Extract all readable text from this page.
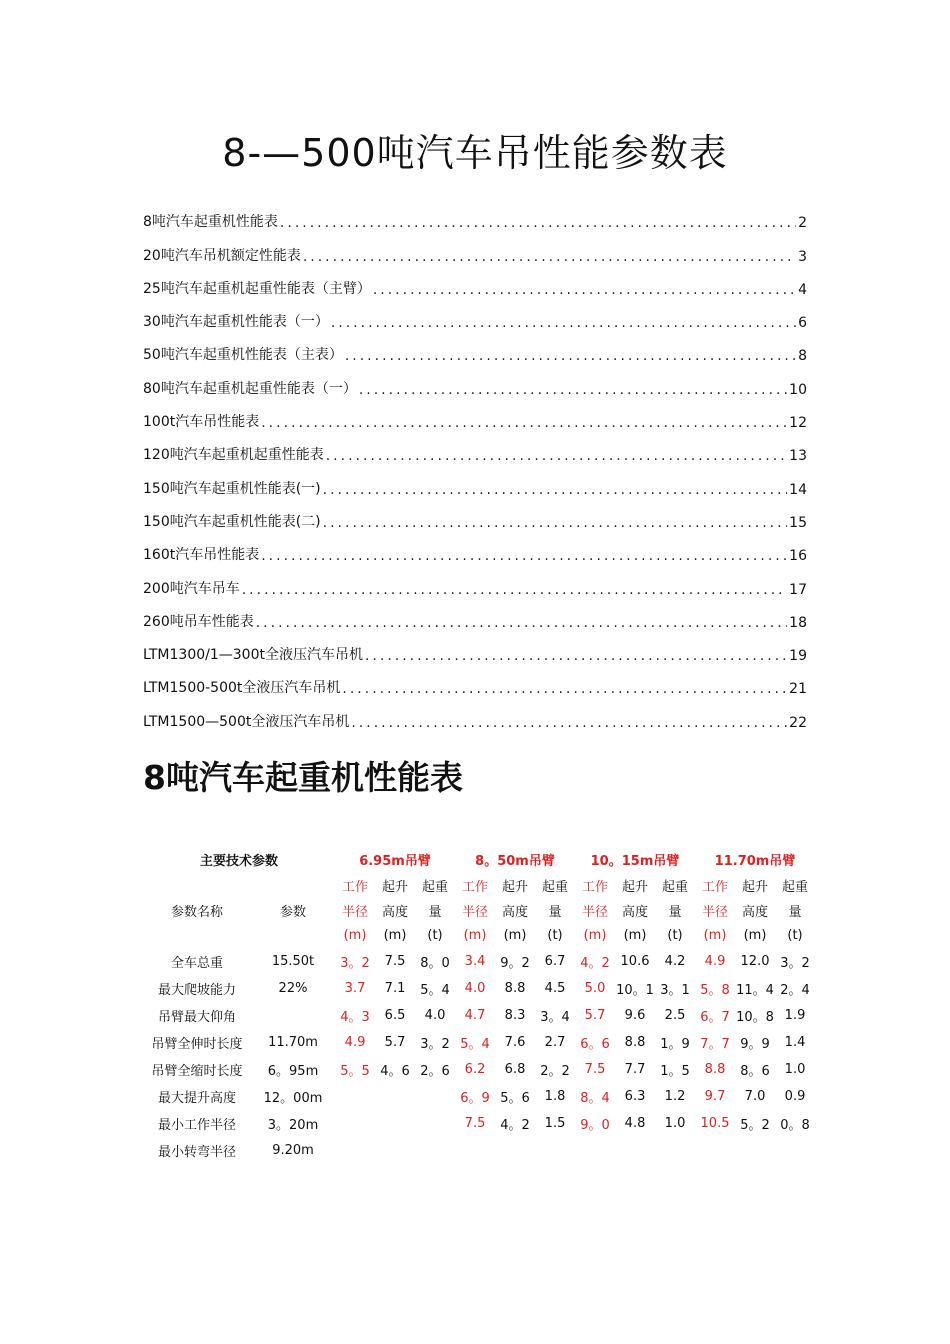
8-—500吨汽车吊性能参数表
8吨汽车起重机性能表 .....	2
20吨汽车吊机额定性能表 .....	3
25吨汽车起重机起重性能表（主臂） .....	4
30吨汽车起重机性能表（一） .....	6
50吨汽车起重机性能表（主表） .....	8
80吨汽车起重机起重性能表（一） .....	10
100t汽车吊性能表 .....	12
120吨汽车起重机起重性能表 .....	13
150吨汽车起重机性能表(一) .....	14
150吨汽车起重机性能表(二) .....	15
160t汽车吊性能表 .....	16
200吨汽车吊车 .....	17
260吨吊车性能表 .....	18
LTM1300/1—300t全液压汽车吊机 .....	19
LTM1500-500t全液压汽车吊机 .....	21
LTM1500—500t全液压汽车吊机 .....	22
8吨汽车起重机性能表
主要技术参数		6.95m吊臂			8。50m吊臂			10。15m吊臂			11.70m吊臂		
		工作	起升	起重	工作	起升	起重	工作	起升	起重	工作	起升	起重
参数名称	参数	半径	高度	量	半径	高度	量	半径	高度	量	半径	高度	量
		(m)	(m)	(t)	(m)	(m)	(t)	(m)	(m)	(t)	(m)	(m)	(t)
全车总重	15.50t	3。2	7.5	8。0	3.4	9。2	6.7	4。2	10.6	4.2	4.9	12.0	3。2
最大爬坡能力	22%	3.7	7.1	5。4	4.0	8.8	4.5	5.0	10。1	3。1	5。8	11。4	2。4
吊臂最大仰角		4。3	6.5	4.0	4.7	8.3	3。4	5.7	9.6	2.5	6。7	10。8	1.9
吊臂全伸时长度	11.70m	4.9	5.7	3。2	5。4	7.6	2.7	6。6	8.8	1。9	7。7	9。9	1.4
吊臂全缩时长度	6。95m	5。5	4。6	2。6	6.2	6.8	2。2	7.5	7.7	1。5	8.8	8。6	1.0
最大提升高度	12。00m				6。9	5。6	1.8	8。4	6.3	1.2	9.7	7.0	0.9
最小工作半径	3。20m				7.5	4。2	1.5	9。0	4.8	1.0	10.5	5。2	0。8
最小转弯半径	9.20m												
